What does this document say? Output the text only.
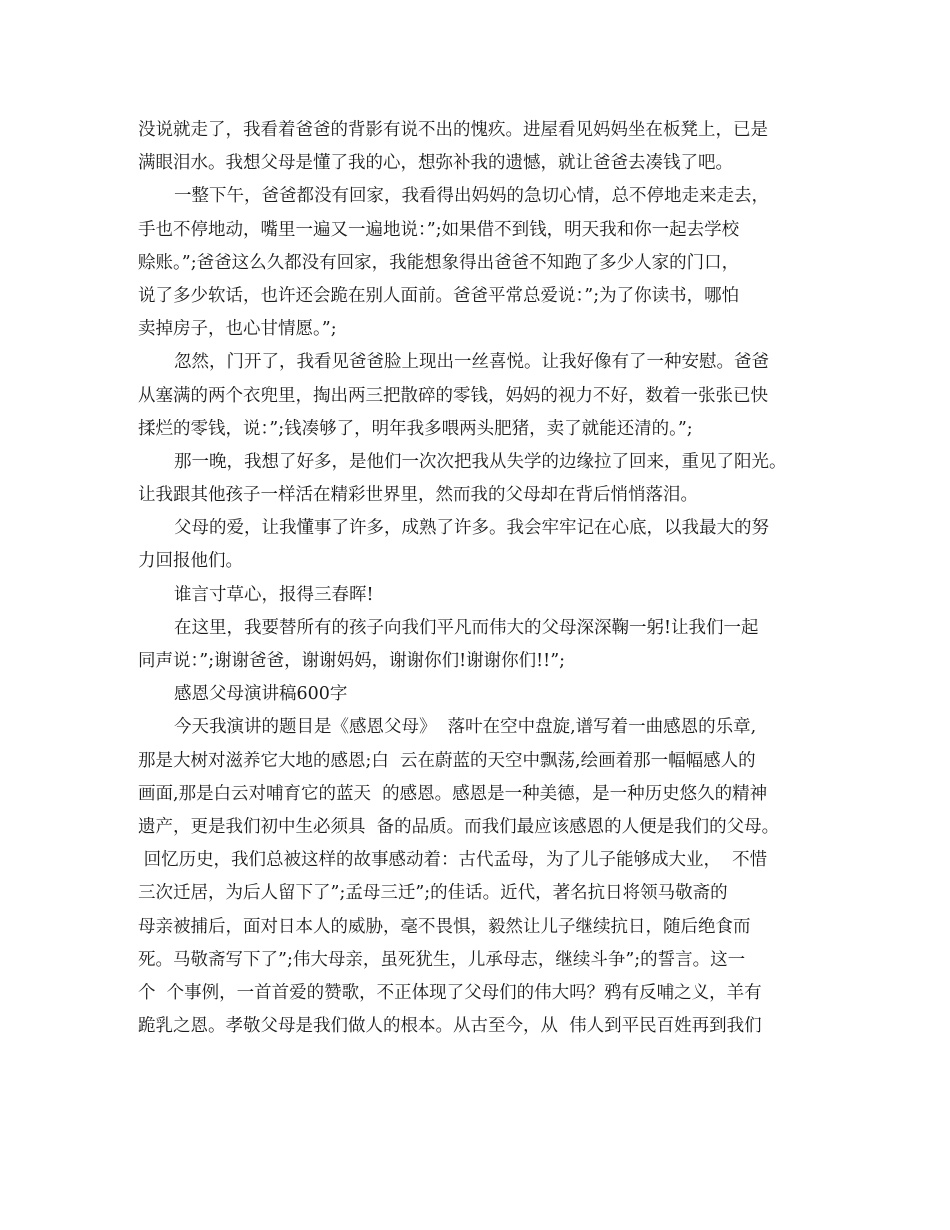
没说就走了，我看着爸爸的背影有说不出的愧疚。进屋看见妈妈坐在板凳上，已是
满眼泪水。我想父母是懂了我的心，想弥补我的遗憾，就让爸爸去凑钱了吧。
一整下午，爸爸都没有回家，我看得出妈妈的急切心情，总不停地走来走去，
手也不停地动，嘴里一遍又一遍地说：”;如果借不到钱，明天我和你一起去学校
赊账。”;爸爸这么久都没有回家，我能想象得出爸爸不知跑了多少人家的门口，
说了多少软话，也许还会跪在别人面前。爸爸平常总爱说：”;为了你读书，哪怕
卖掉房子，也心甘情愿。”;
忽然，门开了，我看见爸爸脸上现出一丝喜悦。让我好像有了一种安慰。爸爸
从塞满的两个衣兜里，掏出两三把散碎的零钱，妈妈的视力不好，数着一张张已快
揉烂的零钱，说：”;钱凑够了，明年我多喂两头肥猪，卖了就能还清的。”;
那一晚，我想了好多，是他们一次次把我从失学的边缘拉了回来，重见了阳光。
让我跟其他孩子一样活在精彩世界里，然而我的父母却在背后悄悄落泪。
父母的爱，让我懂事了许多，成熟了许多。我会牢牢记在心底，以我最大的努
力回报他们。
谁言寸草心，报得三春晖!
在这里，我要替所有的孩子向我们平凡而伟大的父母深深鞠一躬!让我们一起
同声说：”;谢谢爸爸，谢谢妈妈，谢谢你们!谢谢你们!!”;
感恩父母演讲稿600字
今天我演讲的题目是《感恩父母》  落叶在空中盘旋,谱写着一曲感恩的乐章,
那是大树对滋养它大地的感恩;白  云在蔚蓝的天空中飘荡,绘画着那一幅幅感人的
画面,那是白云对哺育它的蓝天  的感恩。感恩是一种美德，是一种历史悠久的精神
遗产，更是我们初中生必须具  备的品质。而我们最应该感恩的人便是我们的父母。
回忆历史，我们总被这样的故事感动着：古代孟母，为了儿子能够成大业，  不惜
三次迁居，为后人留下了”;孟母三迁”;的佳话。近代，著名抗日将领马敬斋的
母亲被捕后，面对日本人的威胁，毫不畏惧，毅然让儿子继续抗日，随后绝食而
死。马敬斋写下了”;伟大母亲，虽死犹生，儿承母志，继续斗争”;的誓言。这一
个  个事例，一首首爱的赞歌，不正体现了父母们的伟大吗？鸦有反哺之义，羊有
跪乳之恩。孝敬父母是我们做人的根本。从古至今，从  伟人到平民百姓再到我们
